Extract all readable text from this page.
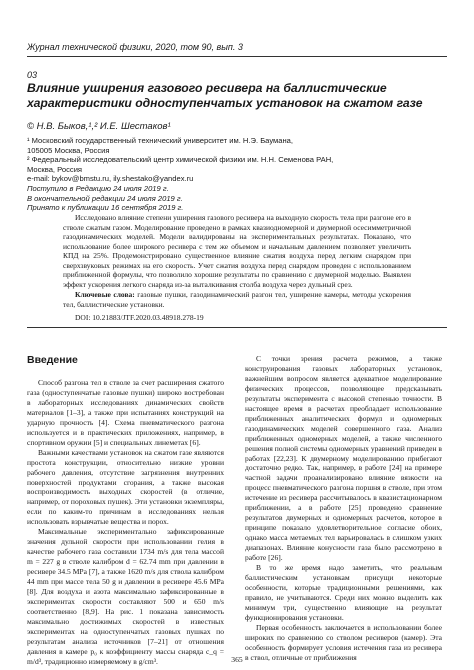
Журнал технической физики, 2020, том 90, вып. 3
03
Влияние уширения газового ресивера на баллистические характеристики одноступенчатых установок на сжатом газе
© Н.В. Быков,¹,² И.Е. Шестаков¹
¹ Московский государственный технический университет им. Н.Э. Баумана,
105005 Москва, Россия
² Федеральный исследовательский центр химической физики им. Н.Н. Семенова РАН,
Москва, Россия
e-mail: bykov@bmstu.ru, ily.shestako@yandex.ru
Поступило в Редакцию 24 июля 2019 г.
В окончательной редакции 24 июля 2019 г.
Принято к публикации 16 сентября 2019 г.
Исследовано влияние степени уширения газового ресивера на выходную скорость тела при разгоне его в стволе сжатым газом. Моделирование проведено в рамках квазиодномерной и двумерной осесимметричной газодинамических моделей. Модели валидированы на экспериментальных результатах. Показано, что использование более широкого ресивера с тем же объемом и начальным давлением позволяет увеличить КПД на 25%. Продемонстрировано существенное влияние сжатия воздуха перед легким снарядом при сверхзвуковых режимах на его скорость. Учет сжатия воздуха перед снарядом проведен с использованием приближенной формулы, что позволило хорошие результаты по сравнению с двумерной моделью. Выявлен эффект ускорения легкого снаряда из-за выталкивания столба воздуха через дульный срез.
Ключевые слова: газовые пушки, газодинамический разгон тел, уширение камеры, методы ускорения тел, баллистические установки.
DOI: 10.21883/JTF.2020.03.48918.278-19
Введение

Способ разгона тел в стволе за счет расширения сжатого газа (одноступенчатые газовые пушки) широко востребован в лабораторных исследованиях динамических свойств материалов [1–3], а также при испытаниях конструкций на ударную прочность [4]. Схема пневматического разгона используется и в практических приложениях, например, в спортивном оружии [5] и специальных линеметах [6].

Важными качествами установок на сжатом газе являются простота конструкции, относительно низкие уровни рабочего давления, отсутствие загрязнения внутренних поверхностей продуктами сгорания, а также высокая воспроизводимость выходных скоростей (в отличие, например, от пороховых пушек). Эти установки экземпляры, если по каким-то причинам в исследованиях нельзя использовать взрывчатые вещества и порох.

Максимальные экспериментально зафиксированные значения дульной скорости при использовании гелия в качестве рабочего газа составили 1734 m/s для тела массой m = 227 g в стволе калибром d = 62.74 mm при давлении в ресивере 34.5 MPa [7], а также 1620 m/s для ствола калибром 44 mm при массе тела 50 g и давлении в ресивере 45.6 MPa [8]. Для воздуха и азота максимально зафиксированные в экспериментах скорости составляют 500 и 650 m/s соответственно [8,9]. На рис. 1 показана зависимость максимально достижимых скоростей в известных экспериментах на одноступенчатых газовых пушках по результатам анализа источников [7–21] от отношения давления в камере p₀ к коэффициенту массы снаряда c_q = m/d³, традиционно измеряемому в g/cm³.

С точки зрения расчета режимов, а также конструирования газовых лабораторных установок, важнейшим вопросом является адекватное моделирование физических процессов, позволяющее предсказывать результаты эксперимента с высокой степенью точности. В настоящее время в расчетах преобладает использование приближенных аналитических формул и одномерных газодинамических моделей совершенного газа. Анализ приближенных одномерных моделей, а также численного решения полной системы одномерных уравнений приведен в работах [22,23]. К двумерному моделированию прибегают достаточно редко. Так, например, в работе [24] на примере частной задачи проанализировано влияние вязкости на процесс пневматического разгона поршня в стволе, при этом истечение из ресивера рассчитывалось в квазистационарном приближении, а в работе [25] проведено сравнение результатов двумерных и одномерных расчетов, которое в принципе показало удовлетворительное согласие обоих, однако масса метаемых тел варьировалась в слишком узких диапазонах. Влияние конусности газа было рассмотрено в работе [26].

В то же время надо заметить, что реальным баллистическим установкам присущи некоторые особенности, которые традиционными решениями, как правило, не учитываются. Среди них можно выделить как минимум три, существенно влияющие на результат функционирования установки.

Первая особенность заключается в использовании более широких по сравнению со стволом ресиверов (камер). Эта особенность формирует условия истечения газа из ресивера в ствол, отличные от приближения

365
